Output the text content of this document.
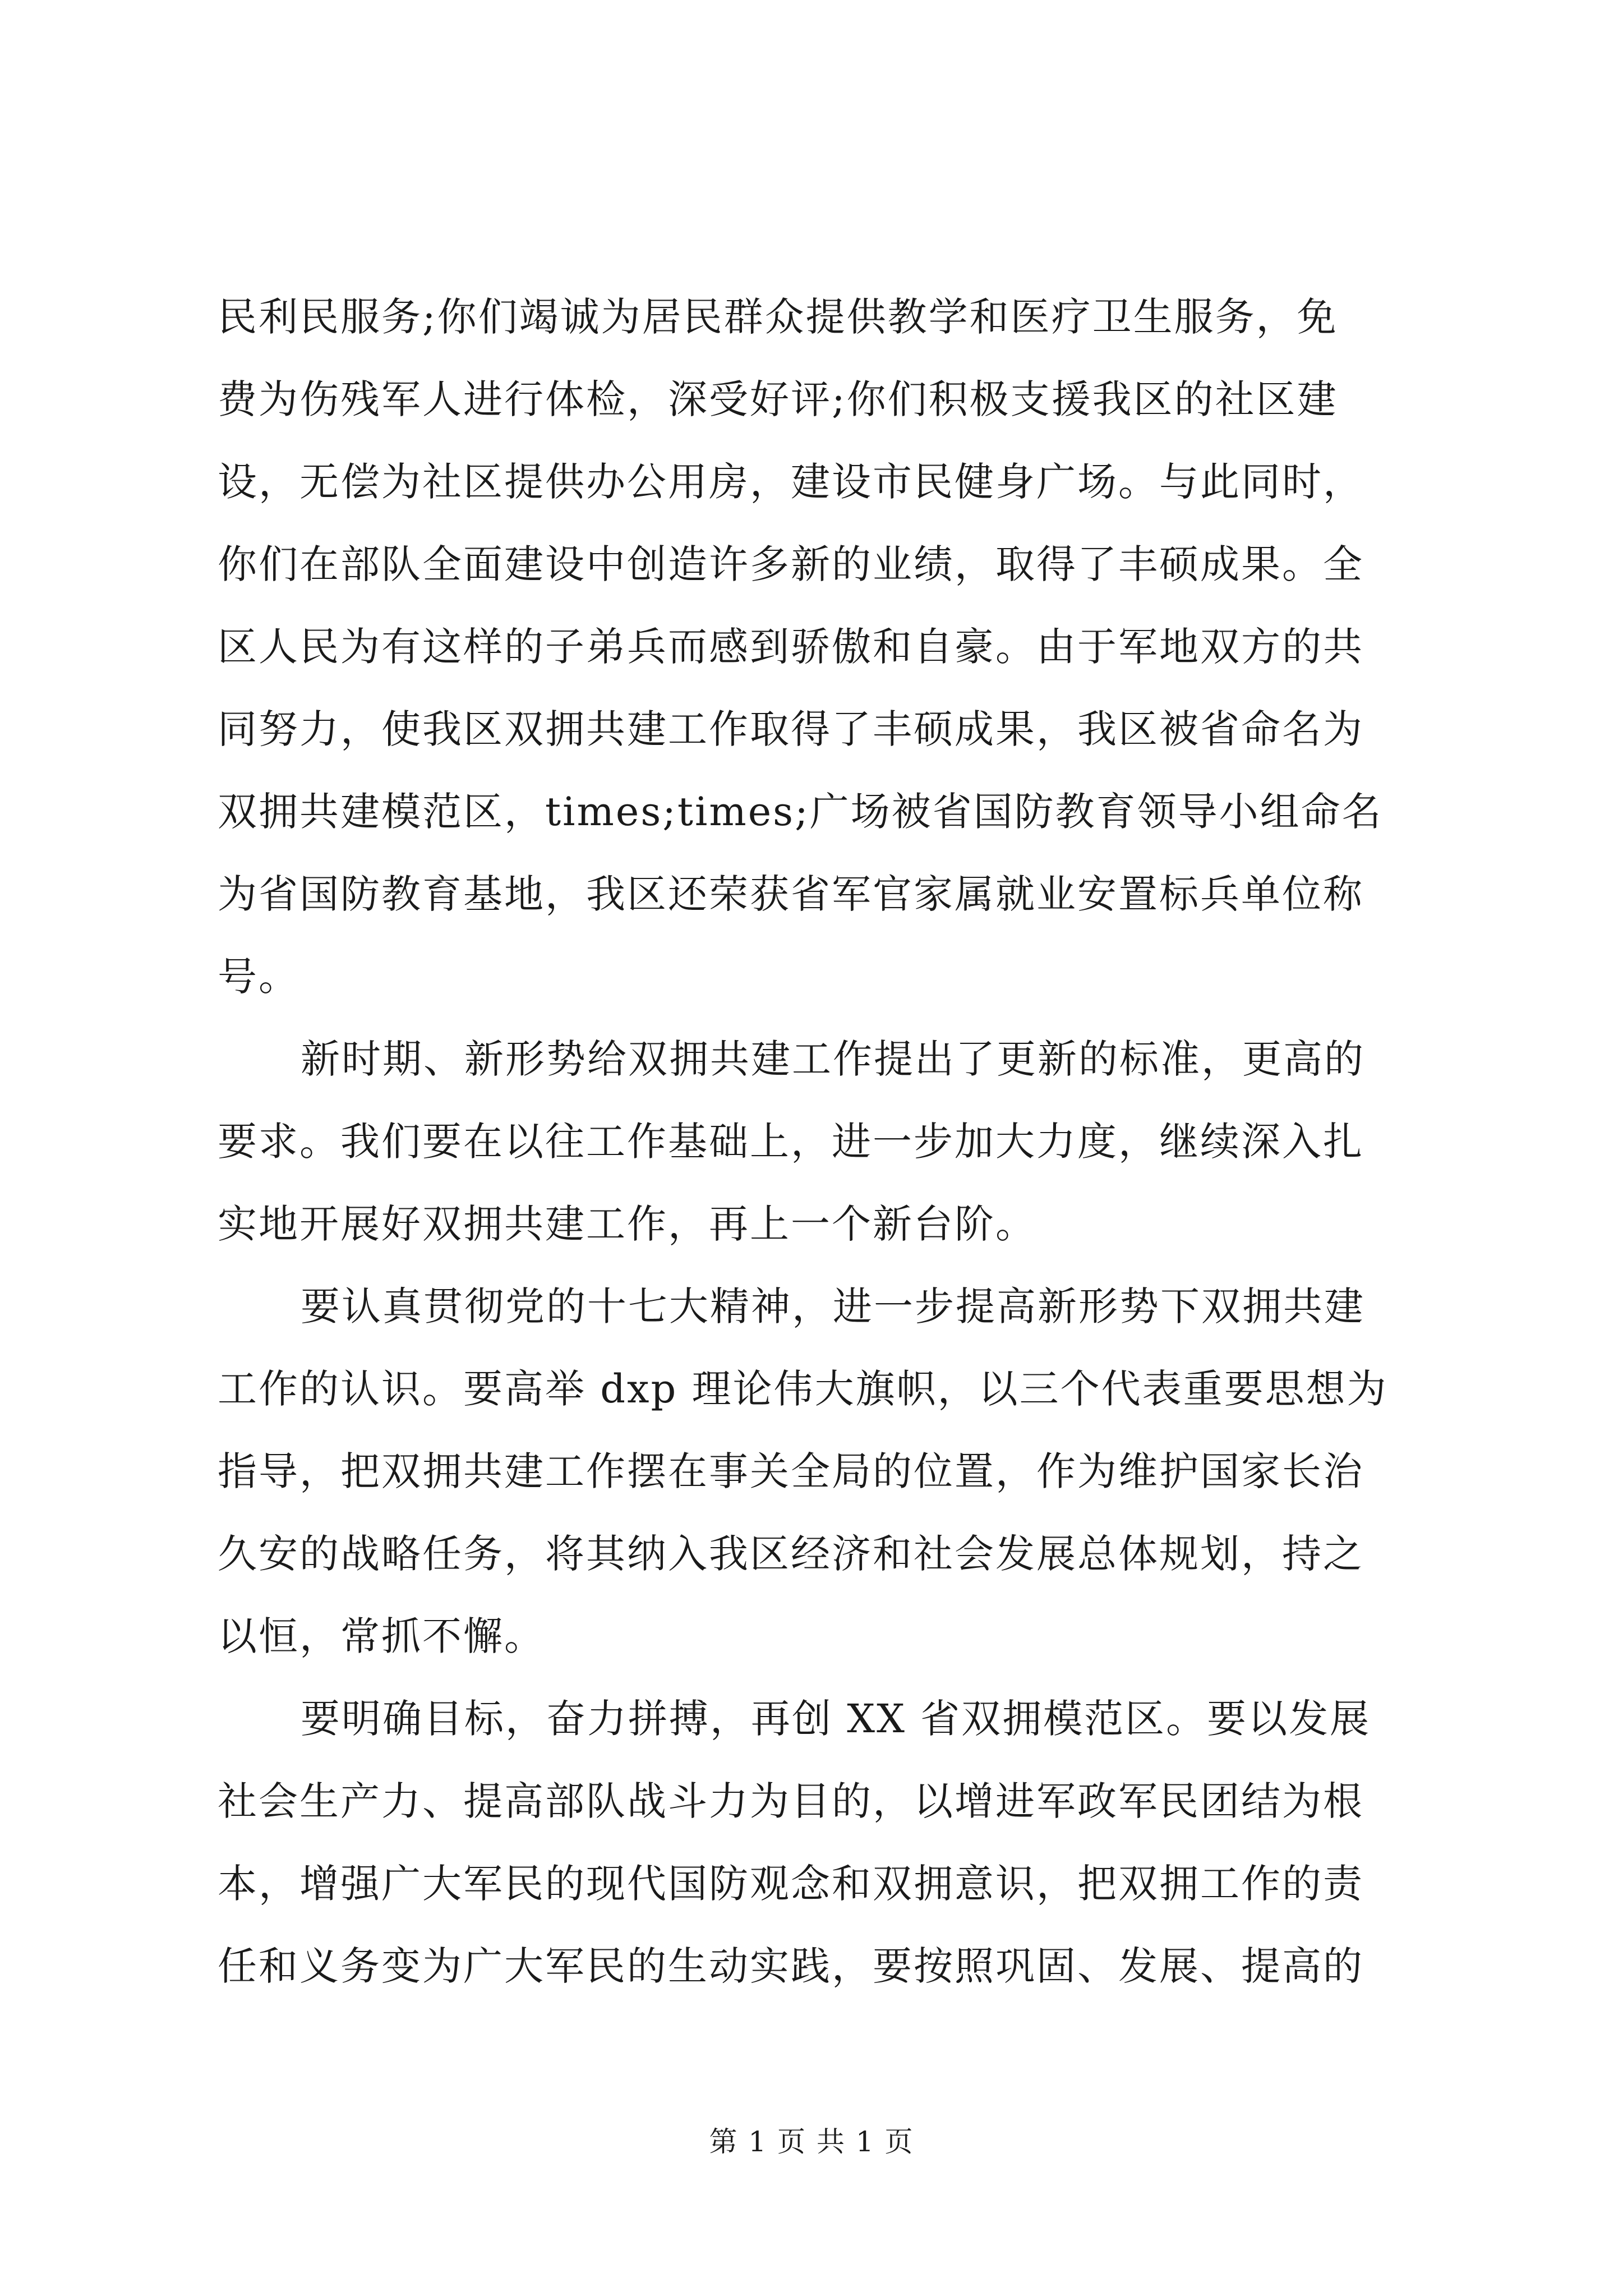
民利民服务;你们竭诚为居民群众提供教学和医疗卫生服务，免
费为伤残军人进行体检，深受好评;你们积极支援我区的社区建
设，无偿为社区提供办公用房，建设市民健身广场。与此同时，
你们在部队全面建设中创造许多新的业绩，取得了丰硕成果。全
区人民为有这样的子弟兵而感到骄傲和自豪。由于军地双方的共
同努力，使我区双拥共建工作取得了丰硕成果，我区被省命名为
双拥共建模范区，times;times;广场被省国防教育领导小组命名
为省国防教育基地，我区还荣获省军官家属就业安置标兵单位称
号。
新时期、新形势给双拥共建工作提出了更新的标准，更高的
要求。我们要在以往工作基础上，进一步加大力度，继续深入扎
实地开展好双拥共建工作，再上一个新台阶。
要认真贯彻党的十七大精神，进一步提高新形势下双拥共建
工作的认识。要高举 dxp 理论伟大旗帜，以三个代表重要思想为
指导，把双拥共建工作摆在事关全局的位置，作为维护国家长治
久安的战略任务，将其纳入我区经济和社会发展总体规划，持之
以恒，常抓不懈。
要明确目标，奋力拼搏，再创 XX 省双拥模范区。要以发展
社会生产力、提高部队战斗力为目的，以增进军政军民团结为根
本，增强广大军民的现代国防观念和双拥意识，把双拥工作的责
任和义务变为广大军民的生动实践，要按照巩固、发展、提高的
第 1 页 共 1 页
